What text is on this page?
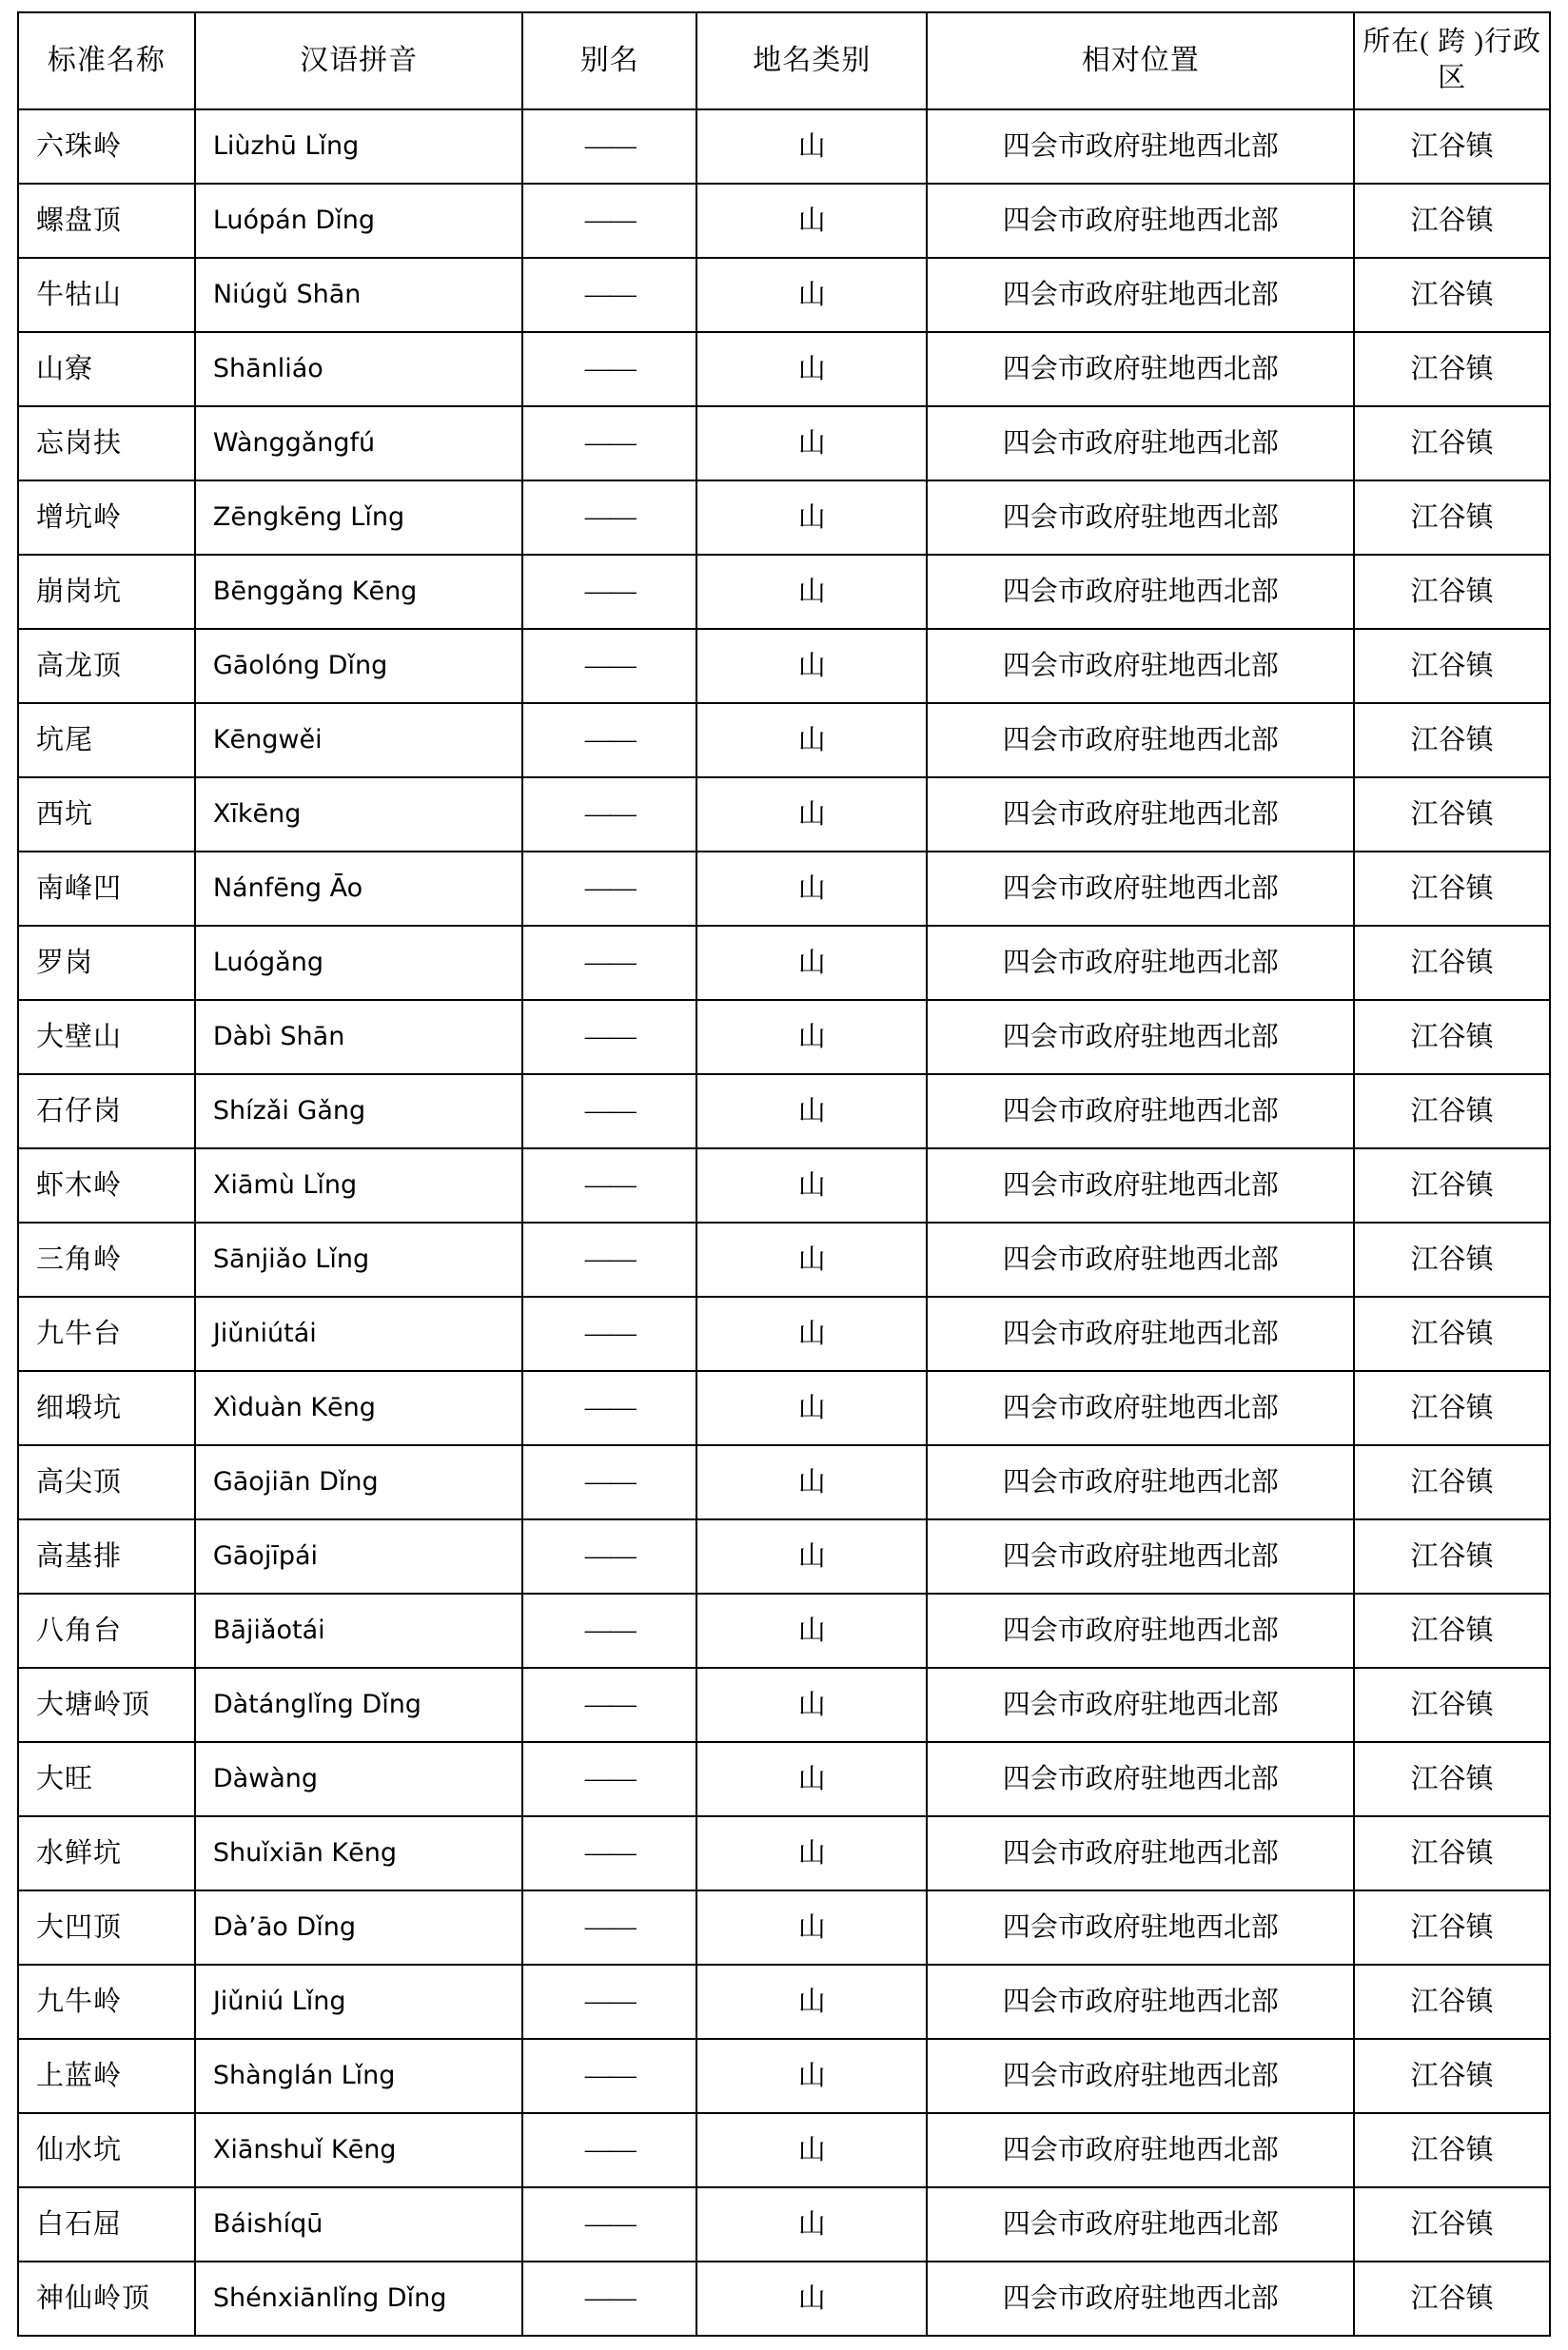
标准名称	汉语拼音	别名	地名类别	相对位置	所在( 跨 )行政区
六珠岭	Liùzhū Lǐng	——	山	四会市政府驻地西北部	江谷镇
螺盘顶	Luópán Dǐng	——	山	四会市政府驻地西北部	江谷镇
牛牯山	Niúgǔ Shān	——	山	四会市政府驻地西北部	江谷镇
山寮	Shānliáo	——	山	四会市政府驻地西北部	江谷镇
忘岗扶	Wànggǎngfú	——	山	四会市政府驻地西北部	江谷镇
增坑岭	Zēngkēng Lǐng	——	山	四会市政府驻地西北部	江谷镇
崩岗坑	Bēnggǎng Kēng	——	山	四会市政府驻地西北部	江谷镇
高龙顶	Gāolóng Dǐng	——	山	四会市政府驻地西北部	江谷镇
坑尾	Kēngwěi	——	山	四会市政府驻地西北部	江谷镇
西坑	Xīkēng	——	山	四会市政府驻地西北部	江谷镇
南峰凹	Nánfēng Āo	——	山	四会市政府驻地西北部	江谷镇
罗岗	Luógǎng	——	山	四会市政府驻地西北部	江谷镇
大壁山	Dàbì Shān	——	山	四会市政府驻地西北部	江谷镇
石仔岗	Shízǎi Gǎng	——	山	四会市政府驻地西北部	江谷镇
虾木岭	Xiāmù Lǐng	——	山	四会市政府驻地西北部	江谷镇
三角岭	Sānjiǎo Lǐng	——	山	四会市政府驻地西北部	江谷镇
九牛台	Jiǔniútái	——	山	四会市政府驻地西北部	江谷镇
细塅坑	Xìduàn Kēng	——	山	四会市政府驻地西北部	江谷镇
高尖顶	Gāojiān Dǐng	——	山	四会市政府驻地西北部	江谷镇
高基排	Gāojīpái	——	山	四会市政府驻地西北部	江谷镇
八角台	Bājiǎotái	——	山	四会市政府驻地西北部	江谷镇
大塘岭顶	Dàtánglǐng Dǐng	——	山	四会市政府驻地西北部	江谷镇
大旺	Dàwàng	——	山	四会市政府驻地西北部	江谷镇
水鲜坑	Shuǐxiān Kēng	——	山	四会市政府驻地西北部	江谷镇
大凹顶	Dà’āo Dǐng	——	山	四会市政府驻地西北部	江谷镇
九牛岭	Jiǔniú Lǐng	——	山	四会市政府驻地西北部	江谷镇
上蓝岭	Shànglán Lǐng	——	山	四会市政府驻地西北部	江谷镇
仙水坑	Xiānshuǐ Kēng	——	山	四会市政府驻地西北部	江谷镇
白石屈	Báishíqū	——	山	四会市政府驻地西北部	江谷镇
神仙岭顶	Shénxiānlǐng Dǐng	——	山	四会市政府驻地西北部	江谷镇
